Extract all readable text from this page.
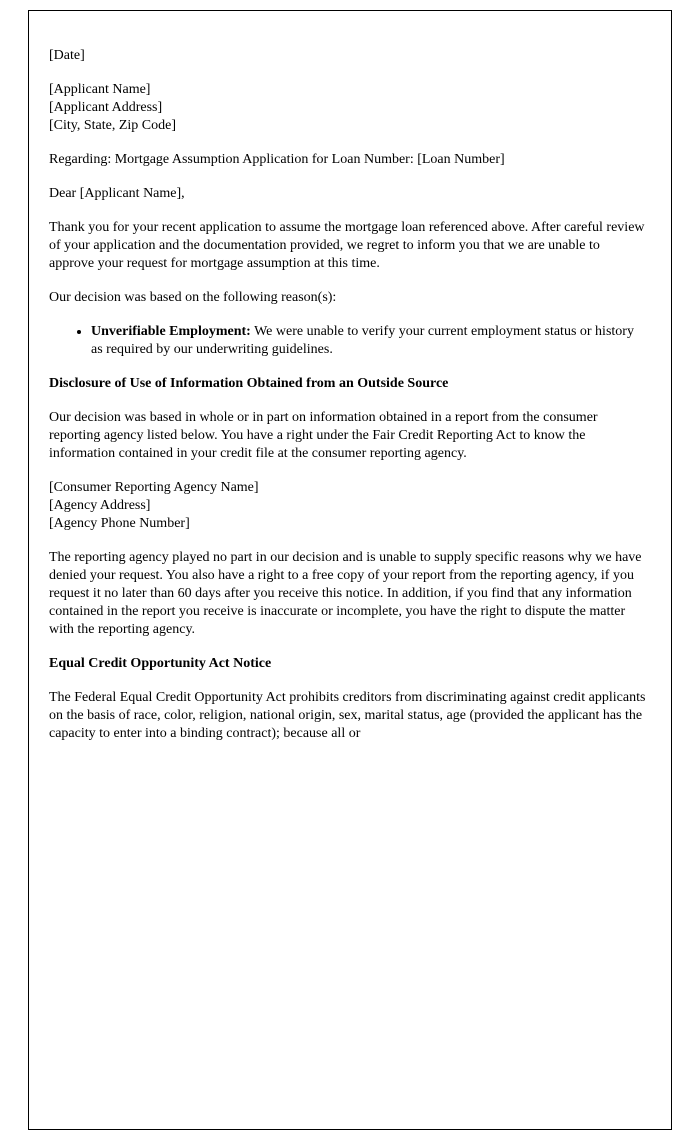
[Date]

[Applicant Name]
[Applicant Address]
[City, State, Zip Code]

Regarding: Mortgage Assumption Application for Loan Number: [Loan Number]

Dear [Applicant Name],

Thank you for your recent application to assume the mortgage loan referenced above. After careful review of your application and the documentation provided, we regret to inform you that we are unable to approve your request for mortgage assumption at this time.

Our decision was based on the following reason(s):

• Unverifiable Employment: We were unable to verify your current employment status or history as required by our underwriting guidelines.

Disclosure of Use of Information Obtained from an Outside Source

Our decision was based in whole or in part on information obtained in a report from the consumer reporting agency listed below. You have a right under the Fair Credit Reporting Act to know the information contained in your credit file at the consumer reporting agency.

[Consumer Reporting Agency Name]
[Agency Address]
[Agency Phone Number]

The reporting agency played no part in our decision and is unable to supply specific reasons why we have denied your request. You also have a right to a free copy of your report from the reporting agency, if you request it no later than 60 days after you receive this notice. In addition, if you find that any information contained in the report you receive is inaccurate or incomplete, you have the right to dispute the matter with the reporting agency.

Equal Credit Opportunity Act Notice

The Federal Equal Credit Opportunity Act prohibits creditors from discriminating against credit applicants on the basis of race, color, religion, national origin, sex, marital status, age (provided the applicant has the capacity to enter into a binding contract); because all or
